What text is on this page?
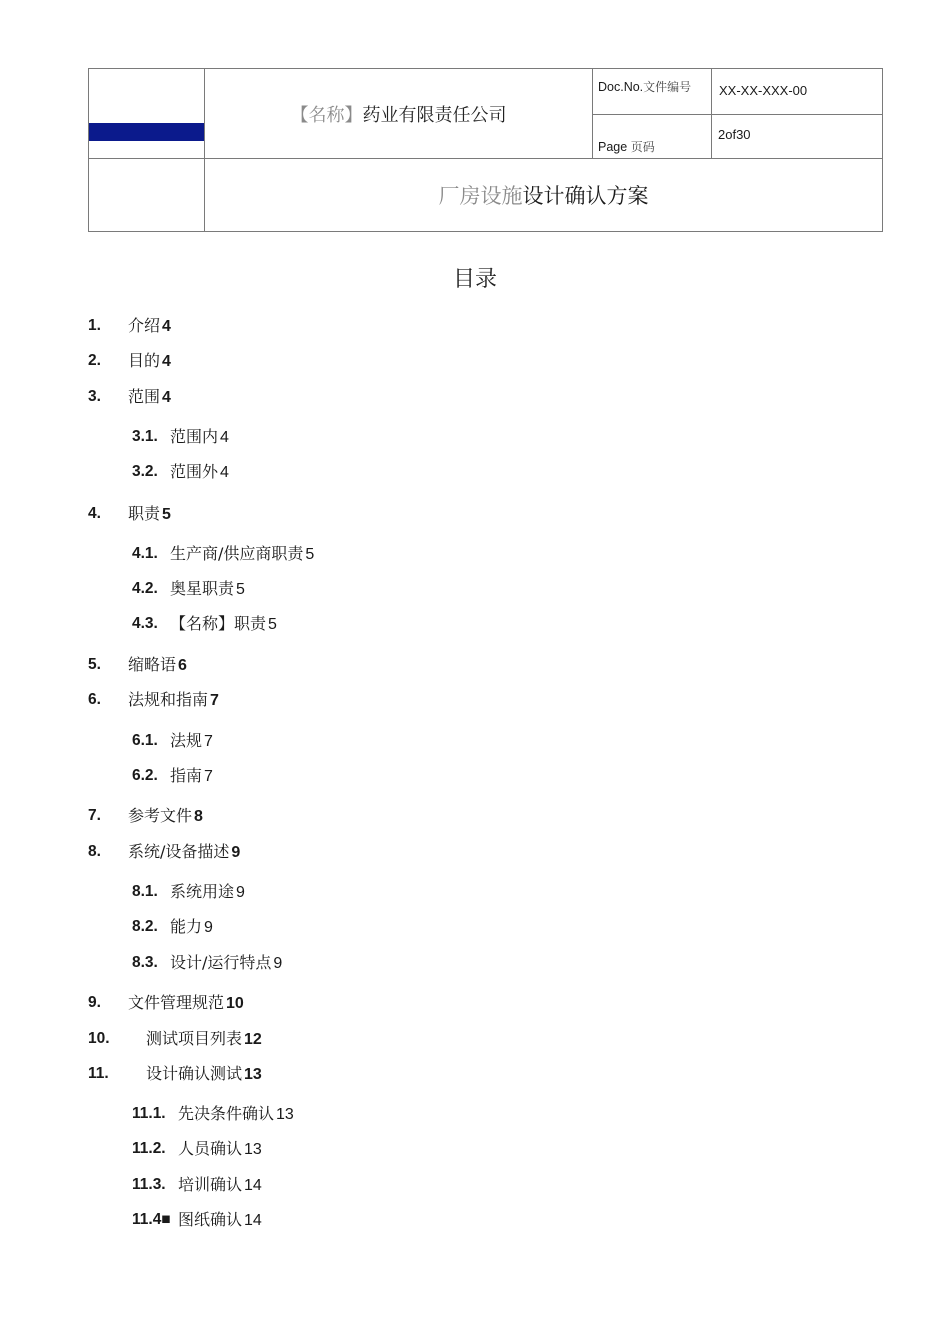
	【名称】药业有限责任公司	Doc.No.文件编号	XX-XX-XXX-00
		Page 页码	2of30
	厂房设施设计确认方案		
目录
1. 介绍 4
2. 目的 4
3. 范围 4
3.1. 范围内 4
3.2. 范围外 4
4. 职责 5
4.1. 生产商/供应商职责 5
4.2. 奥星职责 5
4.3. 【名称】职责 5
5. 缩略语 6
6. 法规和指南 7
6.1. 法规 7
6.2. 指南 7
7. 参考文件 8
8. 系统/设备描述 9
8.1. 系统用途 9
8.2. 能力 9
8.3. 设计/运行特点 9
9. 文件管理规范 10
10. 测试项目列表 12
11. 设计确认测试 13
11.1. 先决条件确认 13
11.2. 人员确认 13
11.3. 培训确认 14
11.4■ 图纸确认 14
